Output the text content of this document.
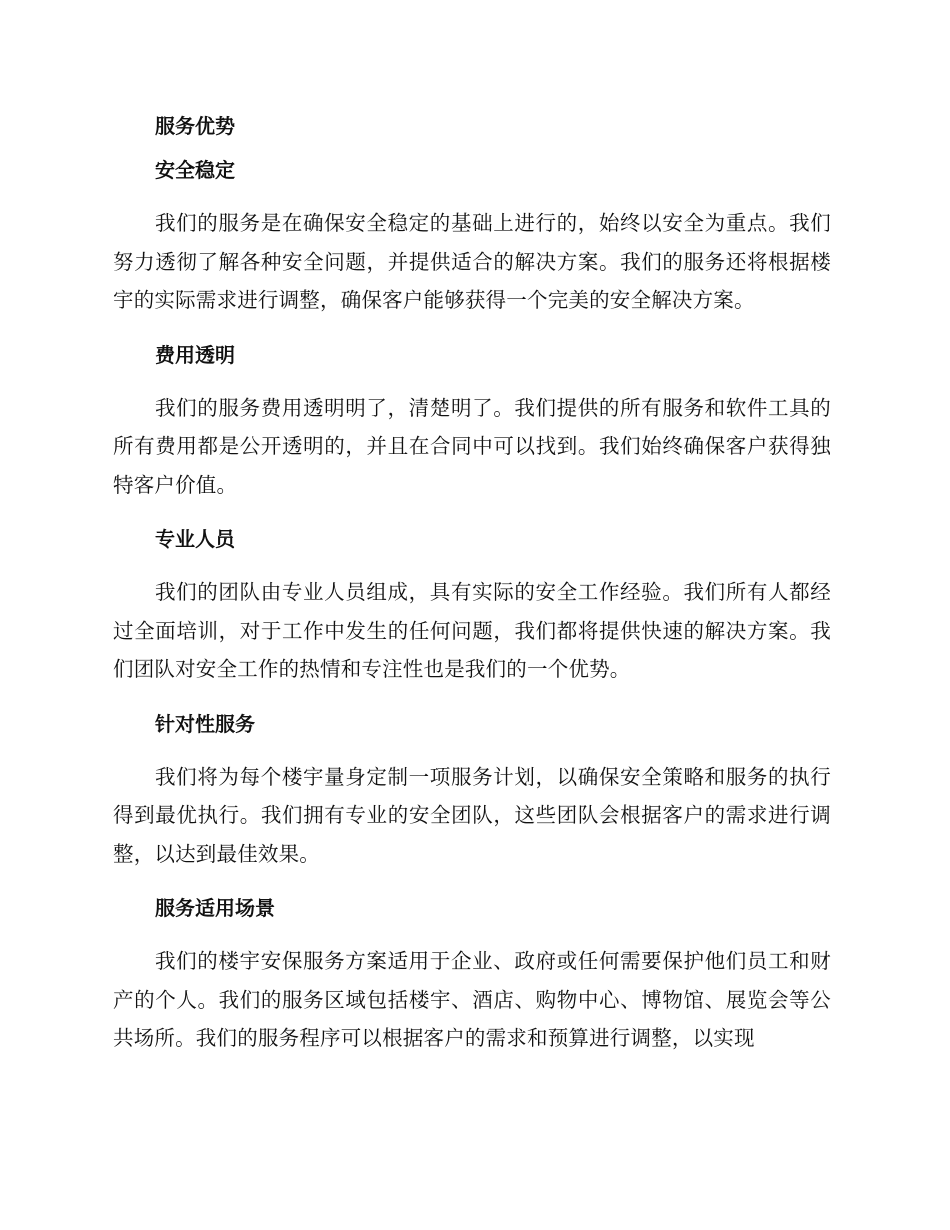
服务优势
安全稳定

我们的服务是在确保安全稳定的基础上进行的，始终以安全为重点。我们努力透彻了解各种安全问题，并提供适合的解决方案。我们的服务还将根据楼宇的实际需求进行调整，确保客户能够获得一个完美的安全解决方案。

费用透明

我们的服务费用透明明了，清楚明了。我们提供的所有服务和软件工具的所有费用都是公开透明的，并且在合同中可以找到。我们始终确保客户获得独特客户价值。

专业人员

我们的团队由专业人员组成，具有实际的安全工作经验。我们所有人都经过全面培训，对于工作中发生的任何问题，我们都将提供快速的解决方案。我们团队对安全工作的热情和专注性也是我们的一个优势。

针对性服务

我们将为每个楼宇量身定制一项服务计划，以确保安全策略和服务的执行得到最优执行。我们拥有专业的安全团队，这些团队会根据客户的需求进行调整，以达到最佳效果。

服务适用场景

我们的楼宇安保服务方案适用于企业、政府或任何需要保护他们员工和财产的个人。我们的服务区域包括楼宇、酒店、购物中心、博物馆、展览会等公共场所。我们的服务程序可以根据客户的需求和预算进行调整，以实现
